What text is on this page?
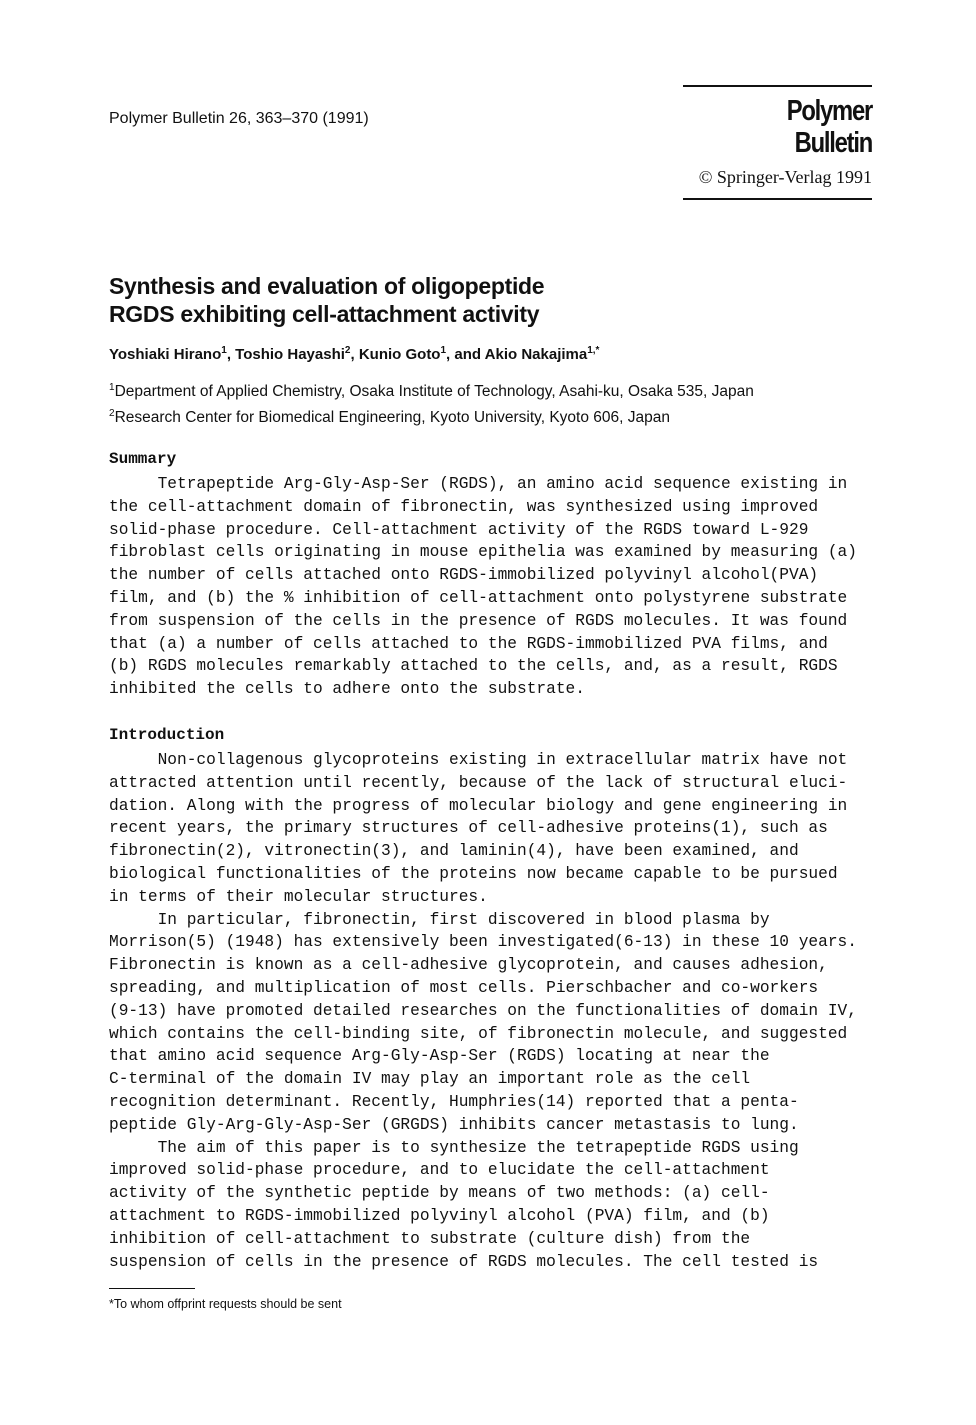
Polymer Bulletin 26, 363–370 (1991)	Polymer Bulletin
© Springer-Verlag 1991
Synthesis and evaluation of oligopeptide
RGDS exhibiting cell-attachment activity
Yoshiaki Hirano$^1$, Toshio Hayashi$^2$, Kunio Goto$^1$, and Akio Nakajima$^{1,*}$
$^1$Department of Applied Chemistry, Osaka Institute of Technology, Asahi-ku, Osaka 535, Japan
$^2$Research Center for Biomedical Engineering, Kyoto University, Kyoto 606, Japan
Summary
Tetrapeptide Arg-Gly-Asp-Ser (RGDS), an amino acid sequence existing in
the cell-attachment domain of fibronectin, was synthesized using improved
solid-phase procedure. Cell-attachment activity of the RGDS toward L-929
fibroblast cells originating in mouse epithelia was examined by measuring (a)
the number of cells attached onto RGDS-immobilized polyvinyl alcohol(PVA)
film, and (b) the % inhibition of cell-attachment onto polystyrene substrate
from suspension of the cells in the presence of RGDS molecules. It was found
that (a) a number of cells attached to the RGDS-immobilized PVA films, and
(b) RGDS molecules remarkably attached to the cells, and, as a result, RGDS
inhibited the cells to adhere onto the substrate.
Introduction
Non-collagenous glycoproteins existing in extracellular matrix have not
attracted attention until recently, because of the lack of structural eluci-
dation. Along with the progress of molecular biology and gene engineering in
recent years, the primary structures of cell-adhesive proteins(1), such as
fibronectin(2), vitronectin(3), and laminin(4), have been examined, and
biological functionalities of the proteins now became capable to be pursued
in terms of their molecular structures.
In particular, fibronectin, first discovered in blood plasma by
Morrison(5) (1948) has extensively been investigated(6-13) in these 10 years.
Fibronectin is known as a cell-adhesive glycoprotein, and causes adhesion,
spreading, and multiplication of most cells. Pierschbacher and co-workers
(9-13) have promoted detailed researches on the functionalities of domain IV,
which contains the cell-binding site, of fibronectin molecule, and suggested
that amino acid sequence Arg-Gly-Asp-Ser (RGDS) locating at near the
C-terminal of the domain IV may play an important role as the cell
recognition determinant. Recently, Humphries(14) reported that a penta-
peptide Gly-Arg-Gly-Asp-Ser (GRGDS) inhibits cancer metastasis to lung.
The aim of this paper is to synthesize the tetrapeptide RGDS using
improved solid-phase procedure, and to elucidate the cell-attachment
activity of the synthetic peptide by means of two methods: (a) cell-
attachment to RGDS-immobilized polyvinyl alcohol (PVA) film, and (b)
inhibition of cell-attachment to substrate (culture dish) from the
suspension of cells in the presence of RGDS molecules. The cell tested is
*To whom offprint requests should be sent
